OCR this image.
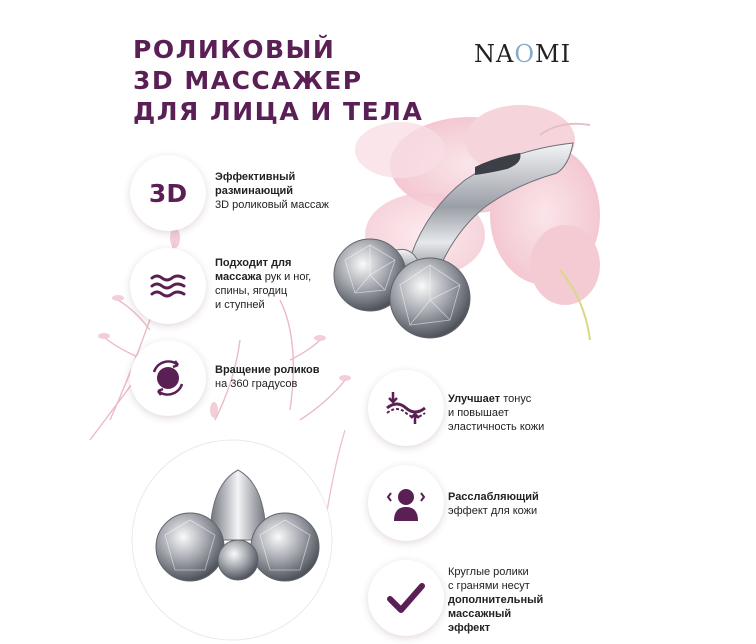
РОЛИКОВЫЙ
3D МАССАЖЕР
ДЛЯ ЛИЦА И ТЕЛА
NAOMI
3D
Эффективный
разминающий
3D роликовый массаж
Подходит для
массажа рук и ног,
спины, ягодиц
и ступней
Вращение роликов
на 360 градусов
Улучшает тонус
и повышает
эластичность кожи
Расслабляющий
эффект для кожи
Круглые ролики
с гранями несут
дополнительный
массажный
эффект
